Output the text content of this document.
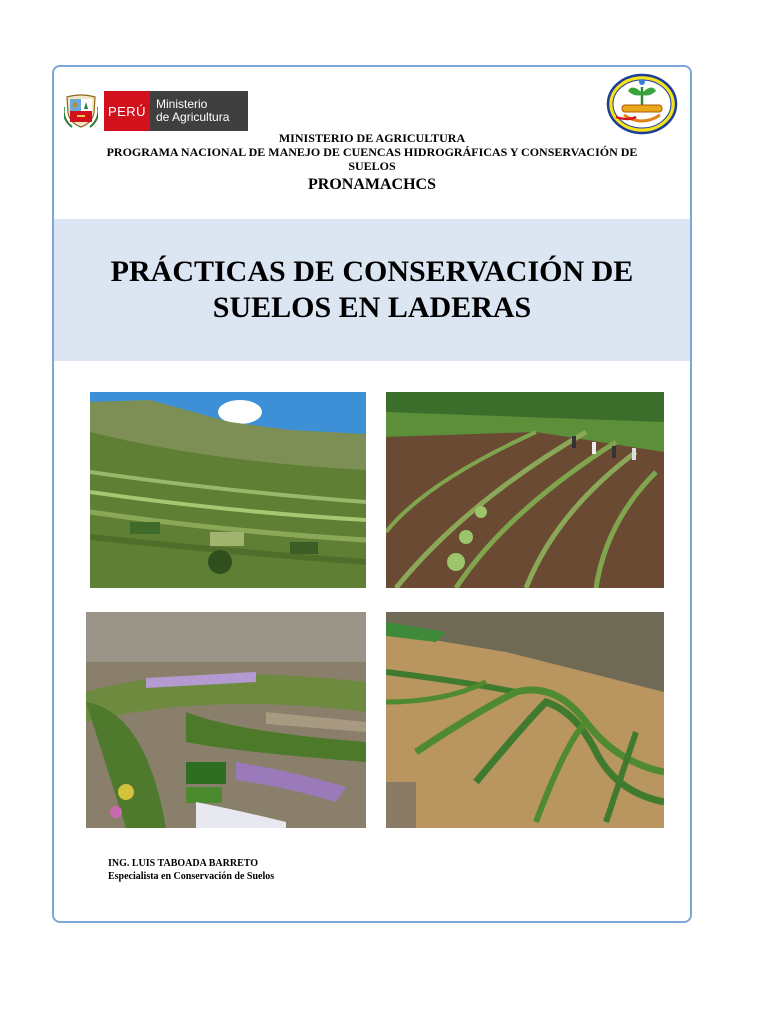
PERÚ Ministerio
de Agricultura
MINISTERIO DE AGRICULTURA
PROGRAMA NACIONAL DE MANEJO DE CUENCAS HIDROGRÁFICAS Y CONSERVACIÓN DE SUELOS
PRONAMACHCS
PRÁCTICAS DE CONSERVACIÓN DE
SUELOS EN LADERAS
ING. LUIS TABOADA BARRETO
Especialista en Conservación de Suelos
